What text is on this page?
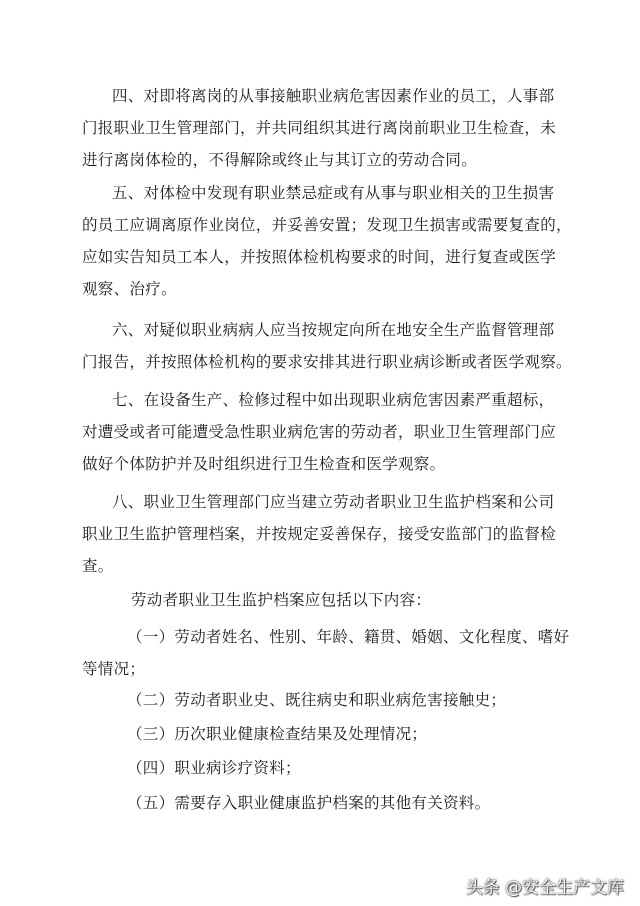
四、对即将离岗的从事接触职业病危害因素作业的员工，人事部
门报职业卫生管理部门，并共同组织其进行离岗前职业卫生检查，未
进行离岗体检的，不得解除或终止与其订立的劳动合同。

五、对体检中发现有职业禁忌症或有从事与职业相关的卫生损害
的员工应调离原作业岗位，并妥善安置；发现卫生损害或需要复查的，
应如实告知员工本人，并按照体检机构要求的时间，进行复查或医学
观察、治疗。

六、对疑似职业病病人应当按规定向所在地安全生产监督管理部
门报告，并按照体检机构的要求安排其进行职业病诊断或者医学观察。

七、在设备生产、检修过程中如出现职业病危害因素严重超标，
对遭受或者可能遭受急性职业病危害的劳动者，职业卫生管理部门应
做好个体防护并及时组织进行卫生检查和医学观察。

八、职业卫生管理部门应当建立劳动者职业卫生监护档案和公司
职业卫生监护管理档案，并按规定妥善保存，接受安监部门的监督检
查。

劳动者职业卫生监护档案应包括以下内容：

（一）劳动者姓名、性别、年龄、籍贯、婚姻、文化程度、嗜好
等情况；

（二）劳动者职业史、既往病史和职业病危害接触史；

（三）历次职业健康检查结果及处理情况；

（四）职业病诊疗资料；

（五）需要存入职业健康监护档案的其他有关资料。

头条 @安全生产文库
